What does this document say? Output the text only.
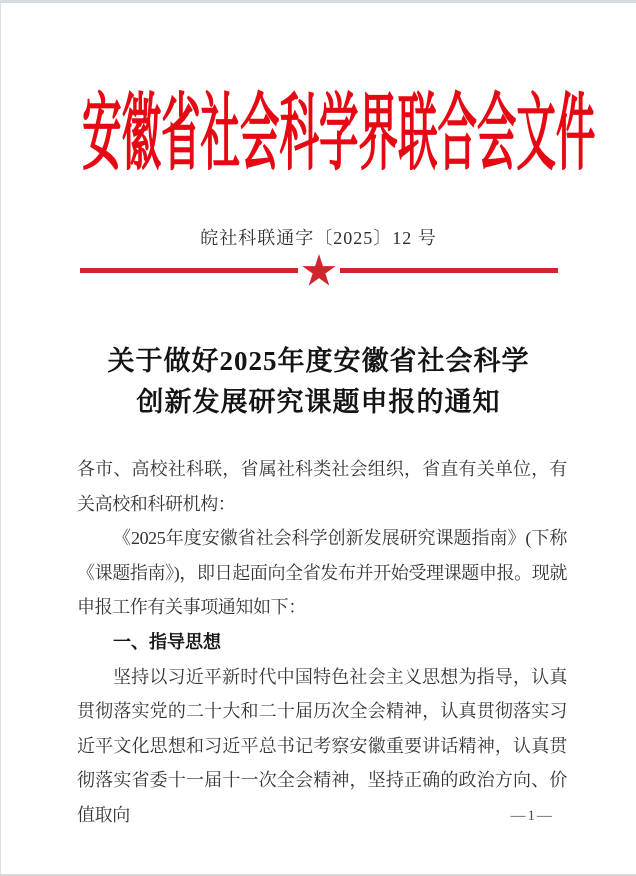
安徽省社会科学界联合会文件
皖社科联通字〔2025〕12 号
关于做好2025年度安徽省社会科学
创新发展研究课题申报的通知

各市、高校社科联，省属社科类社会组织，省直有关单位，有关高校和科研机构：

《2025年度安徽省社会科学创新发展研究课题指南》(下称《课题指南》)，即日起面向全省发布并开始受理课题申报。现就申报工作有关事项通知如下：

一、指导思想

坚持以习近平新时代中国特色社会主义思想为指导，认真贯彻落实党的二十大和二十届历次全会精神，认真贯彻落实习近平文化思想和习近平总书记考察安徽重要讲话精神，认真贯彻落实省委十一届十一次全会精神，坚持正确的政治方向、价值取向	—1—
